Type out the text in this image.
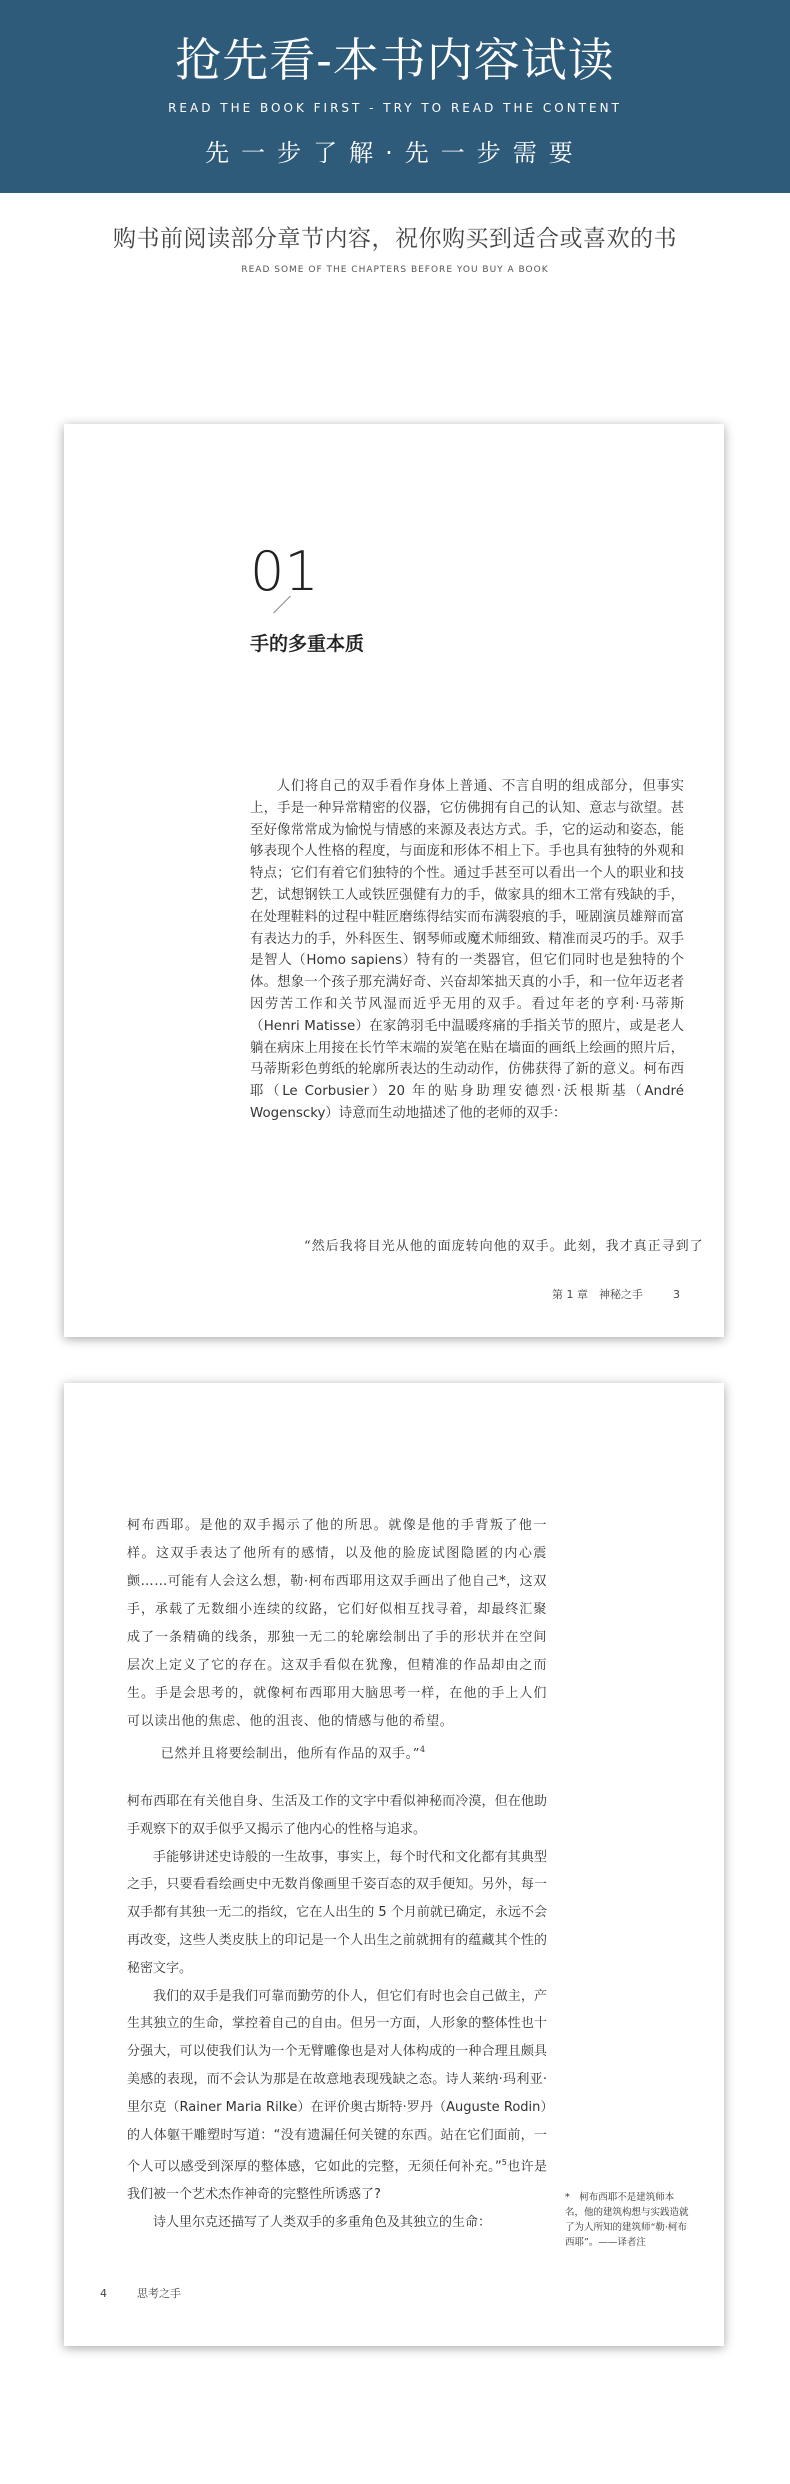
抢先看-本书内容试读
READ THE BOOK FIRST - TRY TO READ THE CONTENT
先一步了解·先一步需要
购书前阅读部分章节内容，祝你购买到适合或喜欢的书
READ SOME OF THE CHAPTERS BEFORE YOU BUY A BOOK
01
手的多重本质

人们将自己的双手看作身体上普通、不言自明的组成部分，但事实上，手是一种异常精密的仪器，它仿佛拥有自己的认知、意志与欲望。甚至好像常常成为愉悦与情感的来源及表达方式。手，它的运动和姿态，能够表现个人性格的程度，与面庞和形体不相上下。手也具有独特的外观和特点；它们有着它们独特的个性。通过手甚至可以看出一个人的职业和技艺，试想钢铁工人或铁匠强健有力的手，做家具的细木工常有残缺的手，在处理鞋料的过程中鞋匠磨练得结实而布满裂痕的手，哑剧演员雄辩而富有表达力的手，外科医生、钢琴师或魔术师细致、精准而灵巧的手。双手是智人（Homo sapiens）特有的一类器官，但它们同时也是独特的个体。想象一个孩子那充满好奇、兴奋却笨拙天真的小手，和一位年迈老者因劳苦工作和关节风湿而近乎无用的双手。看过年老的亨利·马蒂斯（Henri Matisse）在家鸽羽毛中温暖疼痛的手指关节的照片，或是老人躺在病床上用接在长竹竿末端的炭笔在贴在墙面的画纸上绘画的照片后，马蒂斯彩色剪纸的轮廓所表达的生动动作，仿佛获得了新的意义。柯布西耶（Le Corbusier）20 年的贴身助理安德烈·沃根斯基（André Wogenscky）诗意而生动地描述了他的老师的双手：

“然后我将目光从他的面庞转向他的双手。此刻，我才真正寻到了
第 1 章　神秘之手	3

柯布西耶。是他的双手揭示了他的所思。就像是他的手背叛了他一样。这双手表达了他所有的感情，以及他的脸庞试图隐匿的内心震颤……可能有人会这么想，勒·柯布西耶用这双手画出了他自己*，这双手，承载了无数细小连续的纹路，它们好似相互找寻着，却最终汇聚成了一条精确的线条，那独一无二的轮廓绘制出了手的形状并在空间层次上定义了它的存在。这双手看似在犹豫，但精准的作品却由之而生。手是会思考的，就像柯布西耶用大脑思考一样，在他的手上人们可以读出他的焦虑、他的沮丧、他的情感与他的希望。

已然并且将要绘制出，他所有作品的双手。”$^4$

柯布西耶在有关他自身、生活及工作的文字中看似神秘而冷漠，但在他助手观察下的双手似乎又揭示了他内心的性格与追求。

手能够讲述史诗般的一生故事，事实上，每个时代和文化都有其典型之手，只要看看绘画史中无数肖像画里千姿百态的双手便知。另外，每一双手都有其独一无二的指纹，它在人出生的 5 个月前就已确定，永远不会再改变，这些人类皮肤上的印记是一个人出生之前就拥有的蕴藏其个性的秘密文字。

我们的双手是我们可靠而勤劳的仆人，但它们有时也会自己做主，产生其独立的生命，掌控着自己的自由。但另一方面，人形象的整体性也十分强大，可以使我们认为一个无臂雕像也是对人体构成的一种合理且颇具美感的表现，而不会认为那是在故意地表现残缺之态。诗人莱纳·玛利亚·里尔克（Rainer Maria Rilke）在评价奥古斯特·罗丹（Auguste Rodin）的人体躯干雕塑时写道：“没有遗漏任何关键的东西。站在它们面前，一个人可以感受到深厚的整体感，它如此的完整，无须任何补充。”$^5$也许是我们被一个艺术杰作神奇的完整性所诱惑了?

诗人里尔克还描写了人类双手的多重角色及其独立的生命：

*　柯布西耶不是建筑师本名，他的建筑构想与实践造就了为人所知的建筑师“勒·柯布西耶”。——译者注
4	思考之手
